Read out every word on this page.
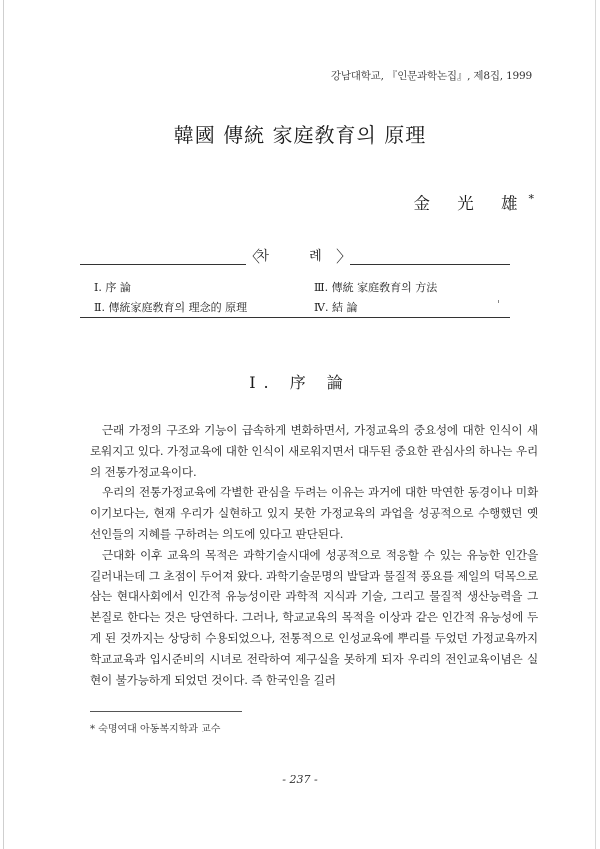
강남대학교, 『인문과학논집』, 제8집, 1999
韓國 傳統 家庭敎育의 原理
金 光 雄*
〈
차 례
〉
Ⅰ. 序 論
Ⅱ. 傳統家庭敎育의 理念的 原理
Ⅲ. 傳統 家庭敎育의 方法
Ⅳ. 結 論
Ⅰ. 序 論

근래 가정의 구조와 기능이 급속하게 변화하면서, 가정교육의 중요성에 대한 인식이 새로워지고 있다. 가정교육에 대한 인식이 새로워지면서 대두된 중요한 관심사의 하나는 우리의 전통가정교육이다.

우리의 전통가정교육에 각별한 관심을 두려는 이유는 과거에 대한 막연한 동경이나 미화이기보다는, 현재 우리가 실현하고 있지 못한 가정교육의 과업을 성공적으로 수행했던 옛 선인들의 지혜를 구하려는 의도에 있다고 판단된다.

근대화 이후 교육의 목적은 과학기술시대에 성공적으로 적응할 수 있는 유능한 인간을 길러내는데 그 초점이 두어져 왔다. 과학기술문명의 발달과 물질적 풍요를 제일의 덕목으로 삼는 현대사회에서 인간적 유능성이란 과학적 지식과 기술, 그리고 물질적 생산능력을 그 본질로 한다는 것은 당연하다. 그러나, 학교교육의 목적을 이상과 같은 인간적 유능성에 두게 된 것까지는 상당히 수용되었으나, 전통적으로 인성교육에 뿌리를 두었던 가정교육까지 학교교육과 입시준비의 시녀로 전락하여 제구실을 못하게 되자 우리의 전인교육이념은 실현이 불가능하게 되었던 것이다. 즉 한국인을 길러

* 숙명여대 아동복지학과 교수
- 237 -
